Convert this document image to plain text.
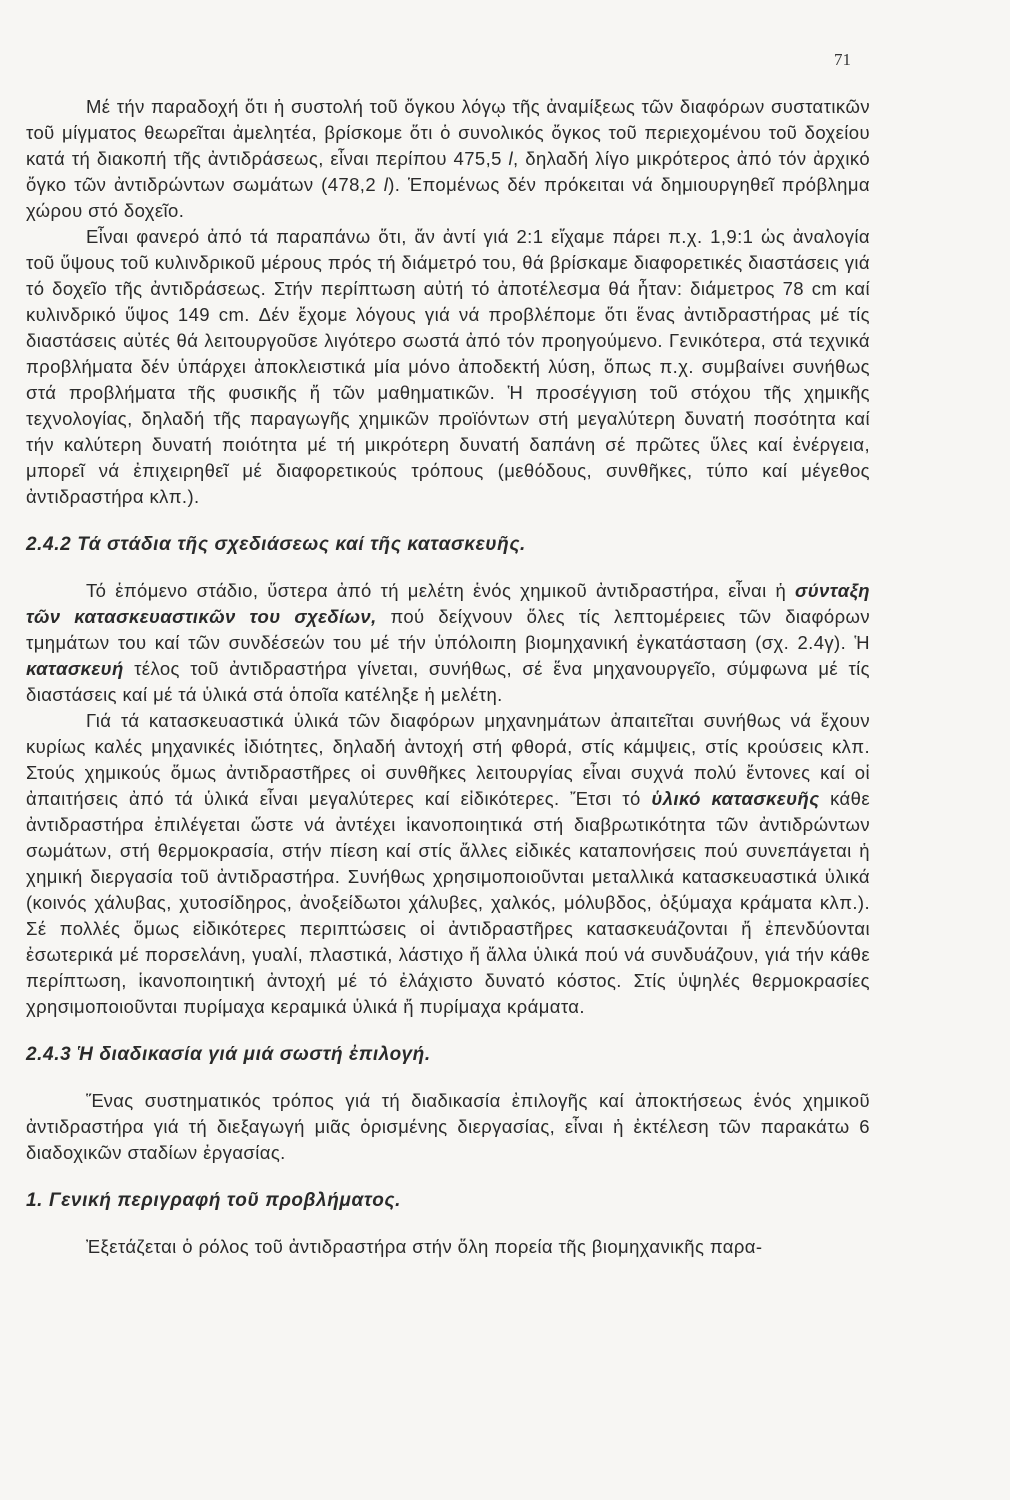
71

Μέ τήν παραδοχή ὅτι ἡ συστολή τοῦ ὄγκου λόγῳ τῆς ἀναμίξεως τῶν διαφόρων συστατικῶν τοῦ μίγματος θεωρεῖται ἀμελητέα, βρίσκομε ὅτι ὁ συνολικός ὄγκος τοῦ περιεχομένου τοῦ δοχείου κατά τή διακοπή τῆς ἀντιδράσεως, εἶναι περίπου 475,5 l, δηλαδή λίγο μικρότερος ἀπό τόν ἀρχικό ὄγκο τῶν ἀντιδρώντων σωμάτων (478,2 l). Ἑπομένως δέν πρόκειται νά δημιουργηθεῖ πρόβλημα χώρου στό δοχεῖο.

Εἶναι φανερό ἀπό τά παραπάνω ὅτι, ἄν ἀντί γιά 2:1 εἴχαμε πάρει π.χ. 1,9:1 ὡς ἀναλογία τοῦ ὕψους τοῦ κυλινδρικοῦ μέρους πρός τή διάμετρό του, θά βρίσκαμε διαφορετικές διαστάσεις γιά τό δοχεῖο τῆς ἀντιδράσεως. Στήν περίπτωση αὐτή τό ἀποτέλεσμα θά ἦταν: διάμετρος 78 cm καί κυλινδρικό ὕψος 149 cm. Δέν ἔχομε λόγους γιά νά προβλέπομε ὅτι ἕνας ἀντιδραστήρας μέ τίς διαστάσεις αὐτές θά λειτουργοῦσε λιγότερο σωστά ἀπό τόν προηγούμενο. Γενικότερα, στά τεχνικά προβλήματα δέν ὑπάρχει ἀποκλειστικά μία μόνο ἀποδεκτή λύση, ὅπως π.χ. συμβαίνει συνήθως στά προβλήματα τῆς φυσικῆς ἤ τῶν μαθηματικῶν. Ἡ προσέγγιση τοῦ στόχου τῆς χημικῆς τεχνολογίας, δηλαδή τῆς παραγωγῆς χημικῶν προϊόντων στή μεγαλύτερη δυνατή ποσότητα καί τήν καλύτερη δυνατή ποιότητα μέ τή μικρότερη δυνατή δαπάνη σέ πρῶτες ὕλες καί ἐνέργεια, μπορεῖ νά ἐπιχειρηθεῖ μέ διαφορετικούς τρόπους (μεθόδους, συνθῆκες, τύπο καί μέγεθος ἀντιδραστήρα κλπ.).

2.4.2 Τά στάδια τῆς σχεδιάσεως καί τῆς κατασκευῆς.

Τό ἑπόμενο στάδιο, ὕστερα ἀπό τή μελέτη ἑνός χημικοῦ ἀντιδραστήρα, εἶναι ἡ σύνταξη τῶν κατασκευαστικῶν του σχεδίων, πού δείχνουν ὅλες τίς λεπτομέρειες τῶν διαφόρων τμημάτων του καί τῶν συνδέσεών του μέ τήν ὑπόλοιπη βιομηχανική ἐγκατάσταση (σχ. 2.4γ). Ἡ κατασκευή τέλος τοῦ ἀντιδραστήρα γίνεται, συνήθως, σέ ἕνα μηχανουργεῖο, σύμφωνα μέ τίς διαστάσεις καί μέ τά ὑλικά στά ὁποῖα κατέληξε ἡ μελέτη.

Γιά τά κατασκευαστικά ὑλικά τῶν διαφόρων μηχανημάτων ἀπαιτεῖται συνήθως νά ἔχουν κυρίως καλές μηχανικές ἰδιότητες, δηλαδή ἀντοχή στή φθορά, στίς κάμψεις, στίς κρούσεις κλπ. Στούς χημικούς ὅμως ἀντιδραστῆρες οἱ συνθῆκες λειτουργίας εἶναι συχνά πολύ ἔντονες καί οἱ ἀπαιτήσεις ἀπό τά ὑλικά εἶναι μεγαλύτερες καί εἰδικότερες. Ἔτσι τό ὑλικό κατασκευῆς κάθε ἀντιδραστήρα ἐπιλέγεται ὥστε νά ἀντέχει ἱκανοποιητικά στή διαβρωτικότητα τῶν ἀντιδρώντων σωμάτων, στή θερμοκρασία, στήν πίεση καί στίς ἄλλες εἰδικές καταπονήσεις πού συνεπάγεται ἡ χημική διεργασία τοῦ ἀντιδραστήρα. Συνήθως χρησιμοποιοῦνται μεταλλικά κατασκευαστικά ὑλικά (κοινός χάλυβας, χυτοσίδηρος, ἀνοξείδωτοι χάλυβες, χαλκός, μόλυβδος, ὀξύμαχα κράματα κλπ.). Σέ πολλές ὅμως εἰδικότερες περιπτώσεις οἱ ἀντιδραστῆρες κατασκευάζονται ἤ ἐπενδύονται ἐσωτερικά μέ πορσελάνη, γυαλί, πλαστικά, λάστιχο ἤ ἄλλα ὑλικά πού νά συνδυάζουν, γιά τήν κάθε περίπτωση, ἱκανοποιητική ἀντοχή μέ τό ἐλάχιστο δυνατό κόστος. Στίς ὑψηλές θερμοκρασίες χρησιμοποιοῦνται πυρίμαχα κεραμικά ὑλικά ἤ πυρίμαχα κράματα.

2.4.3 Ἡ διαδικασία γιά μιά σωστή ἐπιλογή.

Ἕνας συστηματικός τρόπος γιά τή διαδικασία ἐπιλογῆς καί ἀποκτήσεως ἑνός χημικοῦ ἀντιδραστήρα γιά τή διεξαγωγή μιᾶς ὁρισμένης διεργασίας, εἶναι ἡ ἐκτέλεση τῶν παρακάτω 6 διαδοχικῶν σταδίων ἐργασίας.

1. Γενική περιγραφή τοῦ προβλήματος.

Ἐξετάζεται ὁ ρόλος τοῦ ἀντιδραστήρα στήν ὅλη πορεία τῆς βιομηχανικῆς παρα-
